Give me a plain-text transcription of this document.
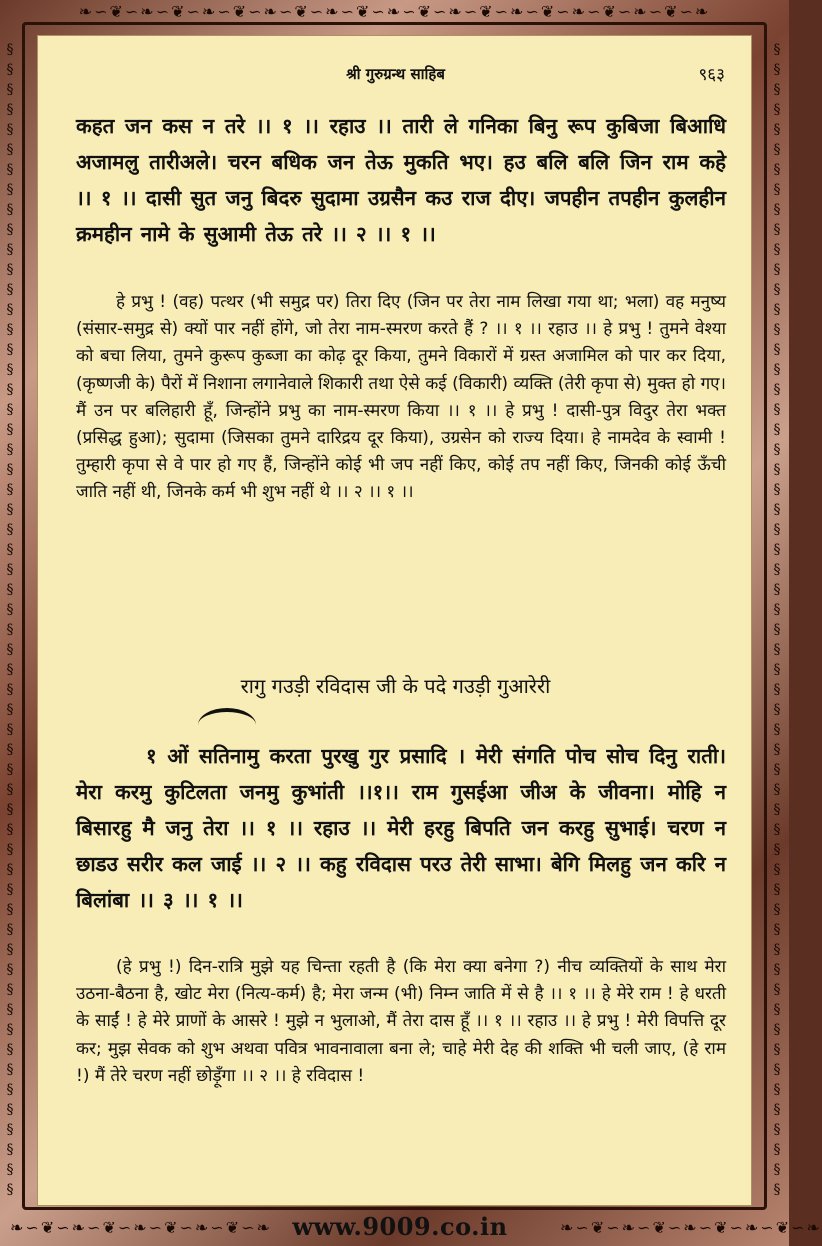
❧∽❦∽❧∽❦∽❧∽❦∽❧∽❦∽❧∽❦∽❧∽❦∽❧∽❦∽❧∽❦∽❧∽❦∽❧∽❦∽❧
§ § § § § § § § § § § § § § § § § § § § § § § § § § § § § § § § § § § § § § § § § § § § § § § § § § § § § § § § § §
§ § § § § § § § § § § § § § § § § § § § § § § § § § § § § § § § § § § § § § § § § § § § § § § § § § § § § § § § § §
❧∽❦∽❧∽❦∽❧∽❦∽❧∽❦∽❧	❧∽❦∽❧∽❦∽❧∽❦∽❧∽❦∽❧
श्री गुरुग्रन्थ साहिब	९६३
कहत जन कस न तरे ।। १ ।। रहाउ ।। तारी ले गनिका बिनु रूप कुबिजा बिआधि अजामलु तारीअले। चरन बधिक जन तेऊ मुकति भए। हउ बलि बलि जिन राम कहे ।। १ ।। दासी सुत जनु बिदरु सुदामा उग्रसैन कउ राज दीए। जपहीन तपहीन कुलहीन क्रमहीन नामे के सुआमी तेऊ तरे ।। २ ।। १ ।।
हे प्रभु ! (वह) पत्थर (भी समुद्र पर) तिरा दिए (जिन पर तेरा नाम लिखा गया था; भला) वह मनुष्य (संसार-समुद्र से) क्यों पार नहीं होंगे, जो तेरा नाम-स्मरण करते हैं ? ।। १ ।। रहाउ ।। हे प्रभु ! तुमने वेश्या को बचा लिया, तुमने कुरूप कुब्जा का कोढ़ दूर किया, तुमने विकारों में ग्रस्त अजामिल को पार कर दिया, (कृष्णजी के) पैरों में निशाना लगानेवाले शिकारी तथा ऐसे कई (विकारी) व्यक्ति (तेरी कृपा से) मुक्त हो गए। मैं उन पर बलिहारी हूँ, जिन्होंने प्रभु का नाम-स्मरण किया ।। १ ।। हे प्रभु ! दासी-पुत्र विदुर तेरा भक्त (प्रसिद्ध हुआ); सुदामा (जिसका तुमने दारिद्रय दूर किया), उग्रसेन को राज्य दिया। हे नामदेव के स्वामी ! तुम्हारी कृपा से वे पार हो गए हैं, जिन्होंने कोई भी जप नहीं किए, कोई तप नहीं किए, जिनकी कोई ऊँची जाति नहीं थी, जिनके कर्म भी शुभ नहीं थे ।। २ ।। १ ।।
रागु गउड़ी रविदास जी के पदे गउड़ी गुआरेरी
१ ओं सतिनामु करता पुरखु गुर प्रसादि । मेरी संगति पोच सोच दिनु राती। मेरा करमु कुटिलता जनमु कुभांती ।।१।। राम गुसईआ जीअ के जीवना। मोहि न बिसारहु मै जनु तेरा ।। १ ।। रहाउ ।। मेरी हरहु बिपति जन करहु सुभाई। चरण न छाडउ सरीर कल जाई ।। २ ।। कहु रविदास परउ तेरी साभा। बेगि मिलहु जन करि न बिलांबा ।। ३ ।। १ ।।
(हे प्रभु !) दिन-रात्रि मुझे यह चिन्ता रहती है (कि मेरा क्या बनेगा ?) नीच व्यक्तियों के साथ मेरा उठना-बैठना है, खोट मेरा (नित्य-कर्म) है; मेरा जन्म (भी) निम्न जाति में से है ।। १ ।। हे मेरे राम ! हे धरती के साईं ! हे मेरे प्राणों के आसरे ! मुझे न भुलाओ, मैं तेरा दास हूँ ।। १ ।। रहाउ ।। हे प्रभु ! मेरी विपत्ति दूर कर; मुझ सेवक को शुभ अथवा पवित्र भावनावाला बना ले; चाहे मेरी देह की शक्ति भी चली जाए, (हे राम !) मैं तेरे चरण नहीं छोड़ूँगा ।। २ ।। हे रविदास !
www.9009.co.in
